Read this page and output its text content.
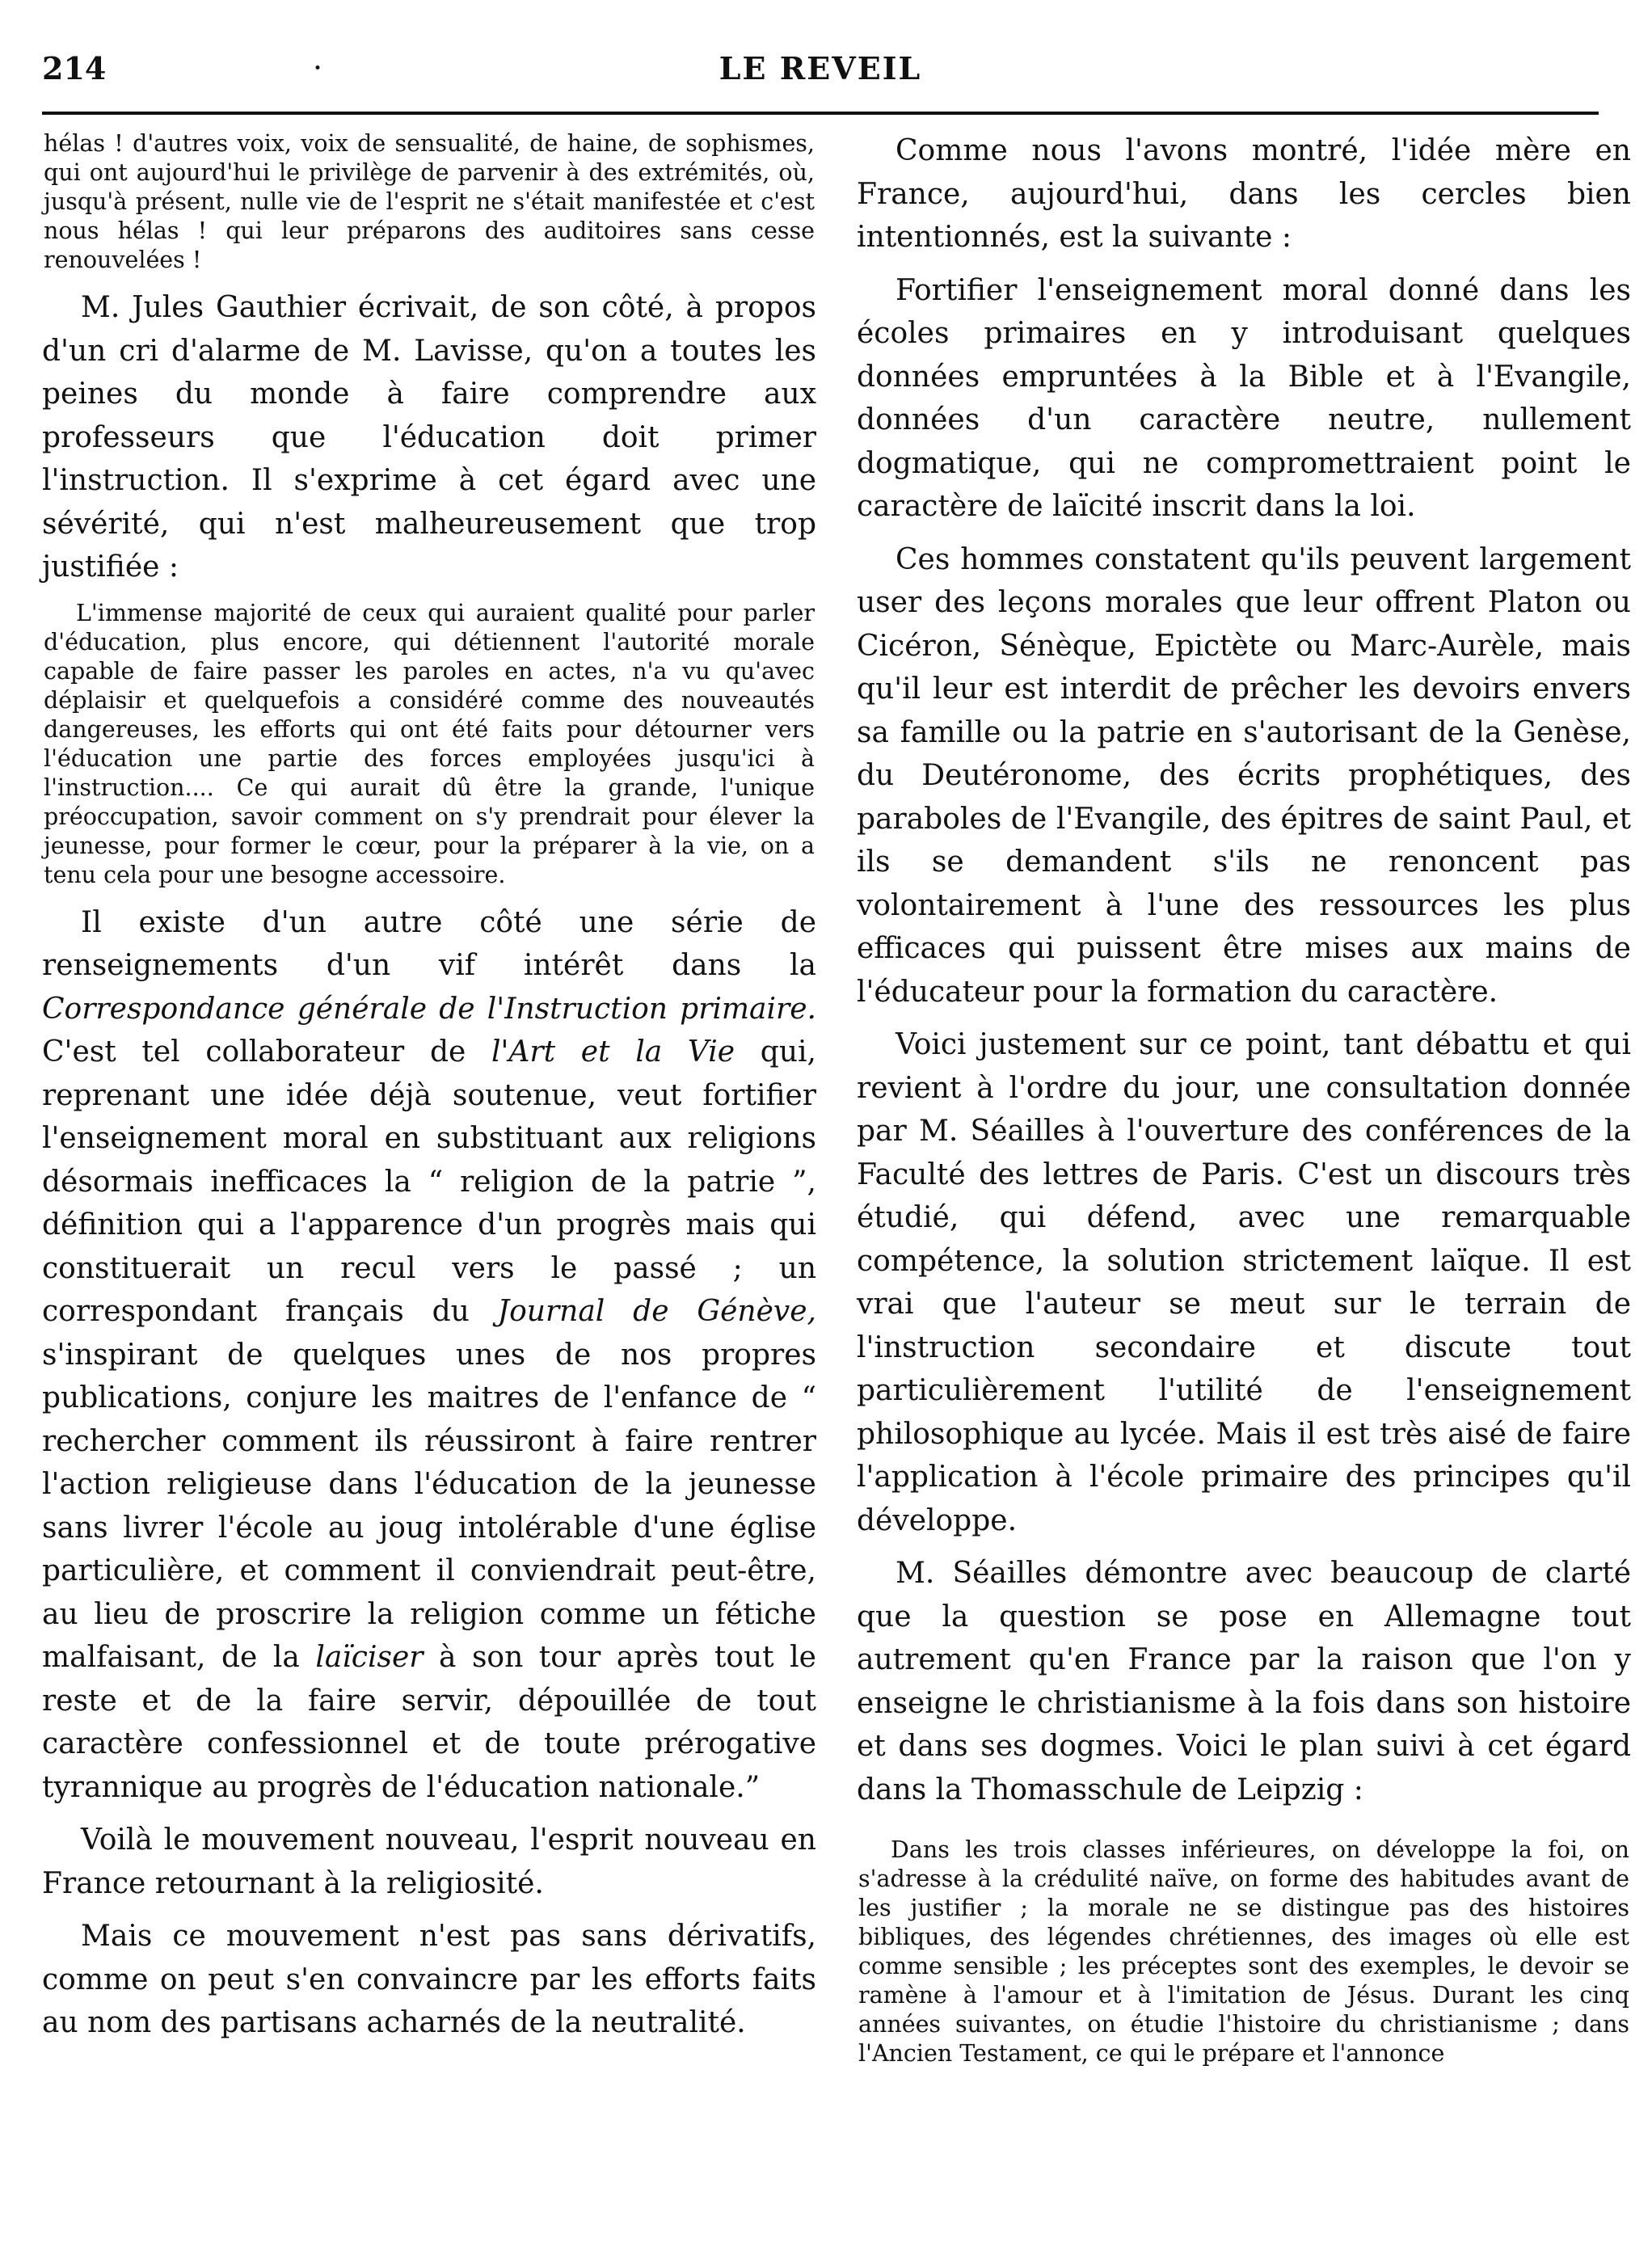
214	·	LE REVEIL

hélas ! d'autres voix, voix de sensualité, de haine, de sophismes, qui ont aujourd'hui le privilège de parvenir à des extrémités, où, jusqu'à présent, nulle vie de l'esprit ne s'était manifestée et c'est nous hélas ! qui leur préparons des auditoires sans cesse renouvelées !

M. Jules Gauthier écrivait, de son côté, à propos d'un cri d'alarme de M. Lavisse, qu'on a toutes les peines du monde à faire comprendre aux professeurs que l'éducation doit primer l'instruction. Il s'exprime à cet égard avec une sévérité, qui n'est malheureusement que trop justifiée :

L'immense majorité de ceux qui auraient qualité pour parler d'éducation, plus encore, qui détiennent l'autorité morale capable de faire passer les paroles en actes, n'a vu qu'avec déplaisir et quelquefois a considéré comme des nouveautés dangereuses, les efforts qui ont été faits pour détourner vers l'éducation une partie des forces employées jusqu'ici à l'instruction.... Ce qui aurait dû être la grande, l'unique préoccupation, savoir comment on s'y prendrait pour élever la jeunesse, pour former le cœur, pour la préparer à la vie, on a tenu cela pour une besogne accessoire.

Il existe d'un autre côté une série de renseignements d'un vif intérêt dans la Correspondance générale de l'Instruction primaire. C'est tel collaborateur de l'Art et la Vie qui, reprenant une idée déjà soutenue, veut fortifier l'enseignement moral en substituant aux religions désormais inefficaces la “ religion de la patrie ”, définition qui a l'apparence d'un progrès mais qui constituerait un recul vers le passé ; un correspondant français du Journal de Génève, s'inspirant de quelques unes de nos propres publications, conjure les maitres de l'enfance de “ rechercher comment ils réussiront à faire rentrer l'action religieuse dans l'éducation de la jeunesse sans livrer l'école au joug intolérable d'une église particulière, et comment il conviendrait peut-être, au lieu de proscrire la religion comme un fétiche malfaisant, de la laïciser à son tour après tout le reste et de la faire servir, dépouillée de tout caractère confessionnel et de toute prérogative tyrannique au progrès de l'éducation nationale.”

Voilà le mouvement nouveau, l'esprit nouveau en France retournant à la religiosité.

Mais ce mouvement n'est pas sans dérivatifs, comme on peut s'en convaincre par les efforts faits au nom des partisans acharnés de la neutralité.

Comme nous l'avons montré, l'idée mère en France, aujourd'hui, dans les cercles bien intentionnés, est la suivante :

Fortifier l'enseignement moral donné dans les écoles primaires en y introduisant quelques données empruntées à la Bible et à l'Evangile, données d'un caractère neutre, nullement dogmatique, qui ne compromettraient point le caractère de laïcité inscrit dans la loi.

Ces hommes constatent qu'ils peuvent largement user des leçons morales que leur offrent Platon ou Cicéron, Sénèque, Epictète ou Marc-Aurèle, mais qu'il leur est interdit de prêcher les devoirs envers sa famille ou la patrie en s'autorisant de la Genèse, du Deutéronome, des écrits prophétiques, des paraboles de l'Evangile, des épitres de saint Paul, et ils se demandent s'ils ne renoncent pas volontairement à l'une des ressources les plus efficaces qui puissent être mises aux mains de l'éducateur pour la formation du caractère.

Voici justement sur ce point, tant débattu et qui revient à l'ordre du jour, une consultation donnée par M. Séailles à l'ouverture des conférences de la Faculté des lettres de Paris. C'est un discours très étudié, qui défend, avec une remarquable compétence, la solution strictement laïque. Il est vrai que l'auteur se meut sur le terrain de l'instruction secondaire et discute tout particulièrement l'utilité de l'enseignement philosophique au lycée. Mais il est très aisé de faire l'application à l'école primaire des principes qu'il développe.

M. Séailles démontre avec beaucoup de clarté que la question se pose en Allemagne tout autrement qu'en France par la raison que l'on y enseigne le christianisme à la fois dans son histoire et dans ses dogmes. Voici le plan suivi à cet égard dans la Thomasschule de Leipzig :

Dans les trois classes inférieures, on développe la foi, on s'adresse à la crédulité naïve, on forme des habitudes avant de les justifier ; la morale ne se distingue pas des histoires bibliques, des légendes chrétiennes, des images où elle est comme sensible ; les préceptes sont des exemples, le devoir se ramène à l'amour et à l'imitation de Jésus. Durant les cinq années suivantes, on étudie l'histoire du christianisme ; dans l'Ancien Testament, ce qui le prépare et l'annonce
